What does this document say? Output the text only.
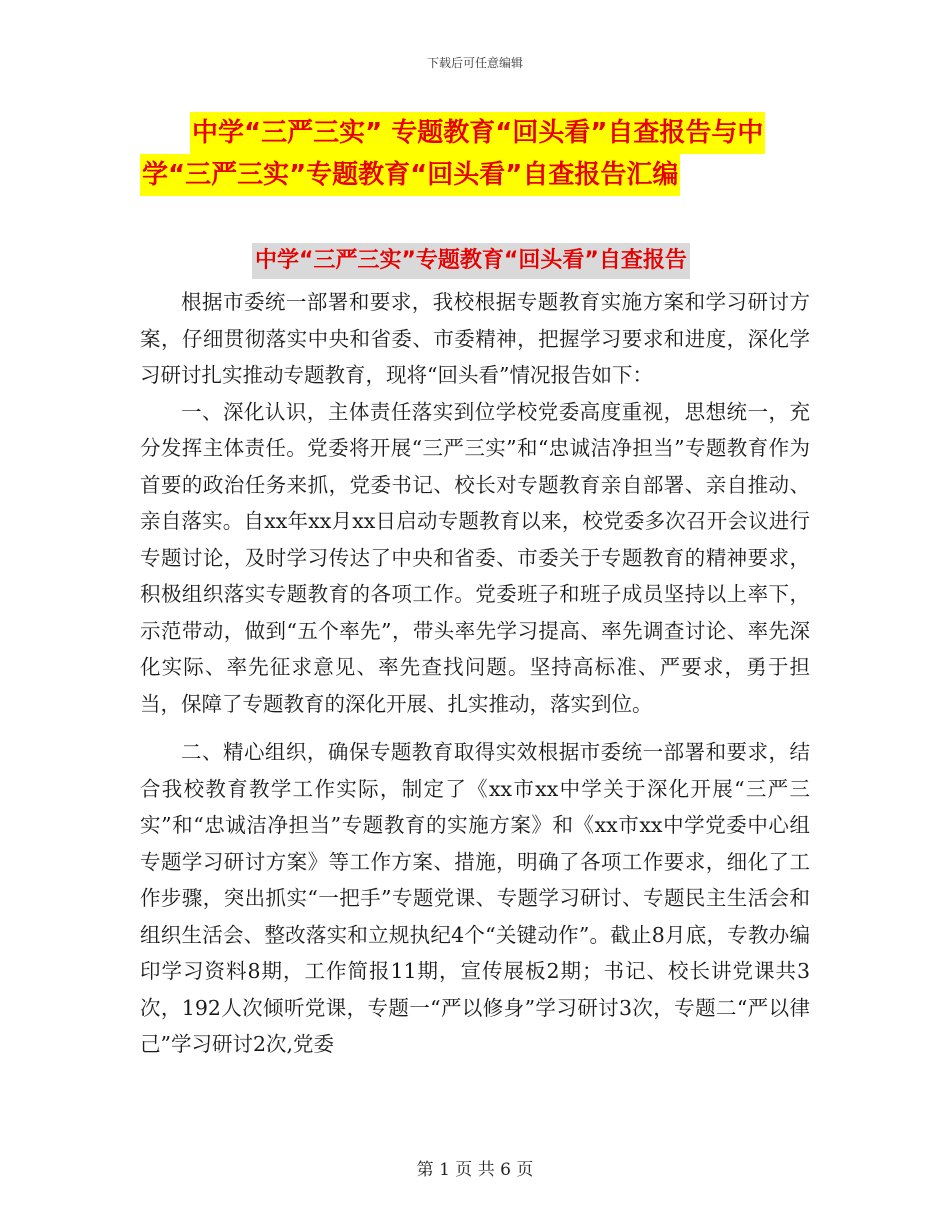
下载后可任意编辑
中学“三严三实” 专题教育“回头看”自查报告与中
学“三严三实”专题教育“回头看”自查报告汇编
中学“三严三实”专题教育“回头看”自查报告

根据市委统一部署和要求，我校根据专题教育实施方案和学习研讨方案，仔细贯彻落实中央和省委、市委精神，把握学习要求和进度，深化学习研讨扎实推动专题教育，现将“回头看”情况报告如下：

一、深化认识，主体责任落实到位学校党委高度重视，思想统一，充分发挥主体责任。党委将开展“三严三实”和“忠诚洁净担当”专题教育作为首要的政治任务来抓，党委书记、校长对专题教育亲自部署、亲自推动、亲自落实。自xx年xx月xx日启动专题教育以来，校党委多次召开会议进行专题讨论，及时学习传达了中央和省委、市委关于专题教育的精神要求，积极组织落实专题教育的各项工作。党委班子和班子成员坚持以上率下，示范带动，做到“五个率先”，带头率先学习提高、率先调查讨论、率先深化实际、率先征求意见、率先查找问题。坚持高标准、严要求，勇于担当，保障了专题教育的深化开展、扎实推动，落实到位。

二、精心组织，确保专题教育取得实效根据市委统一部署和要求，结合我校教育教学工作实际，制定了《xx市xx中学关于深化开展“三严三实”和“忠诚洁净担当”专题教育的实施方案》和《xx市xx中学党委中心组专题学习研讨方案》等工作方案、措施，明确了各项工作要求，细化了工作步骤，突出抓实“一把手”专题党课、专题学习研讨、专题民主生活会和组织生活会、整改落实和立规执纪4个“关键动作”。截止8月底，专教办编印学习资料8期，工作简报11期，宣传展板2期；书记、校长讲党课共3次，192人次倾听党课，专题一“严以修身”学习研讨3次，专题二“严以律己”学习研讨2次,党委

第 1 页 共 6 页
